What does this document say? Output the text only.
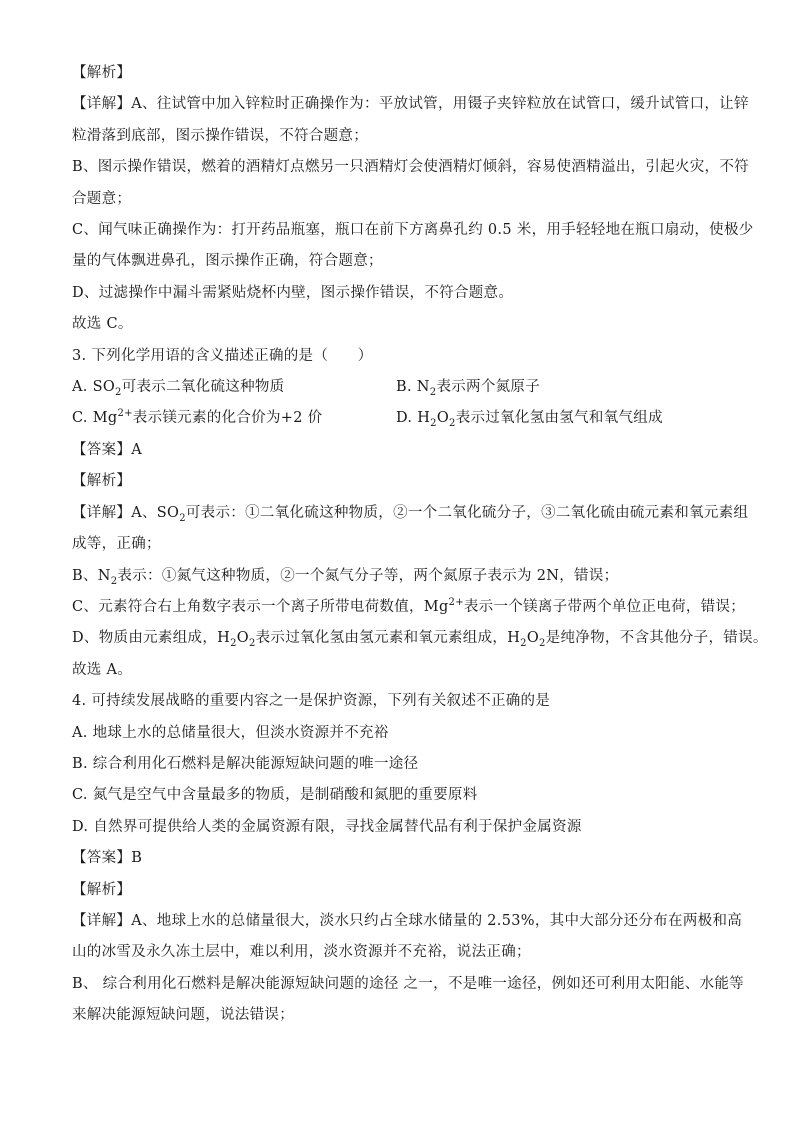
【解析】
【详解】A、往试管中加入锌粒时正确操作为：平放试管，用镊子夹锌粒放在试管口，缓升试管口，让锌
粒滑落到底部，图示操作错误，不符合题意；
B、图示操作错误，燃着的酒精灯点燃另一只酒精灯会使酒精灯倾斜，容易使酒精溢出，引起火灾，不符
合题意；
C、闻气味正确操作为：打开药品瓶塞，瓶口在前下方离鼻孔约 0.5 米，用手轻轻地在瓶口扇动，使极少
量的气体飘进鼻孔，图示操作正确，符合题意；
D、过滤操作中漏斗需紧贴烧杯内壁，图示操作错误，不符合题意。
故选 C。
3. 下列化学用语的含义描述正确的是（　　）
A. $SO_2$可表示二氧化硫这种物质	B. $N_2$表示两个氮原子
C. $Mg^{2+}$表示镁元素的化合价为+2 价	D. $H_2O_2$表示过氧化氢由氢气和氧气组成
【答案】A
【解析】
【详解】A、$SO_2$可表示：①二氧化硫这种物质，②一个二氧化硫分子，③二氧化硫由硫元素和氧元素组
成等，正确；
B、$N_2$表示：①氮气这种物质，②一个氮气分子等，两个氮原子表示为 2N，错误；
C、元素符合右上角数字表示一个离子所带电荷数值，$Mg^{2+}$表示一个镁离子带两个单位正电荷，错误；
D、物质由元素组成，$H_2O_2$表示过氧化氢由氢元素和氧元素组成，$H_2O_2$是纯净物，不含其他分子，错误。
故选 A。
4. 可持续发展战略的重要内容之一是保护资源，下列有关叙述不正确的是
A. 地球上水的总储量很大，但淡水资源并不充裕
B. 综合利用化石燃料是解决能源短缺问题的唯一途径
C. 氮气是空气中含量最多的物质，是制硝酸和氮肥的重要原料
D. 自然界可提供给人类的金属资源有限，寻找金属替代品有利于保护金属资源
【答案】B
【解析】
【详解】A、地球上水的总储量很大，淡水只约占全球水储量的 2.53%，其中大部分还分布在两极和高
山的冰雪及永久冻土层中，难以利用，淡水资源并不充裕，说法正确；
B、 综合利用化石燃料是解决能源短缺问题的途径 之一，不是唯一途径，例如还可利用太阳能、水能等
来解决能源短缺问题，说法错误；
